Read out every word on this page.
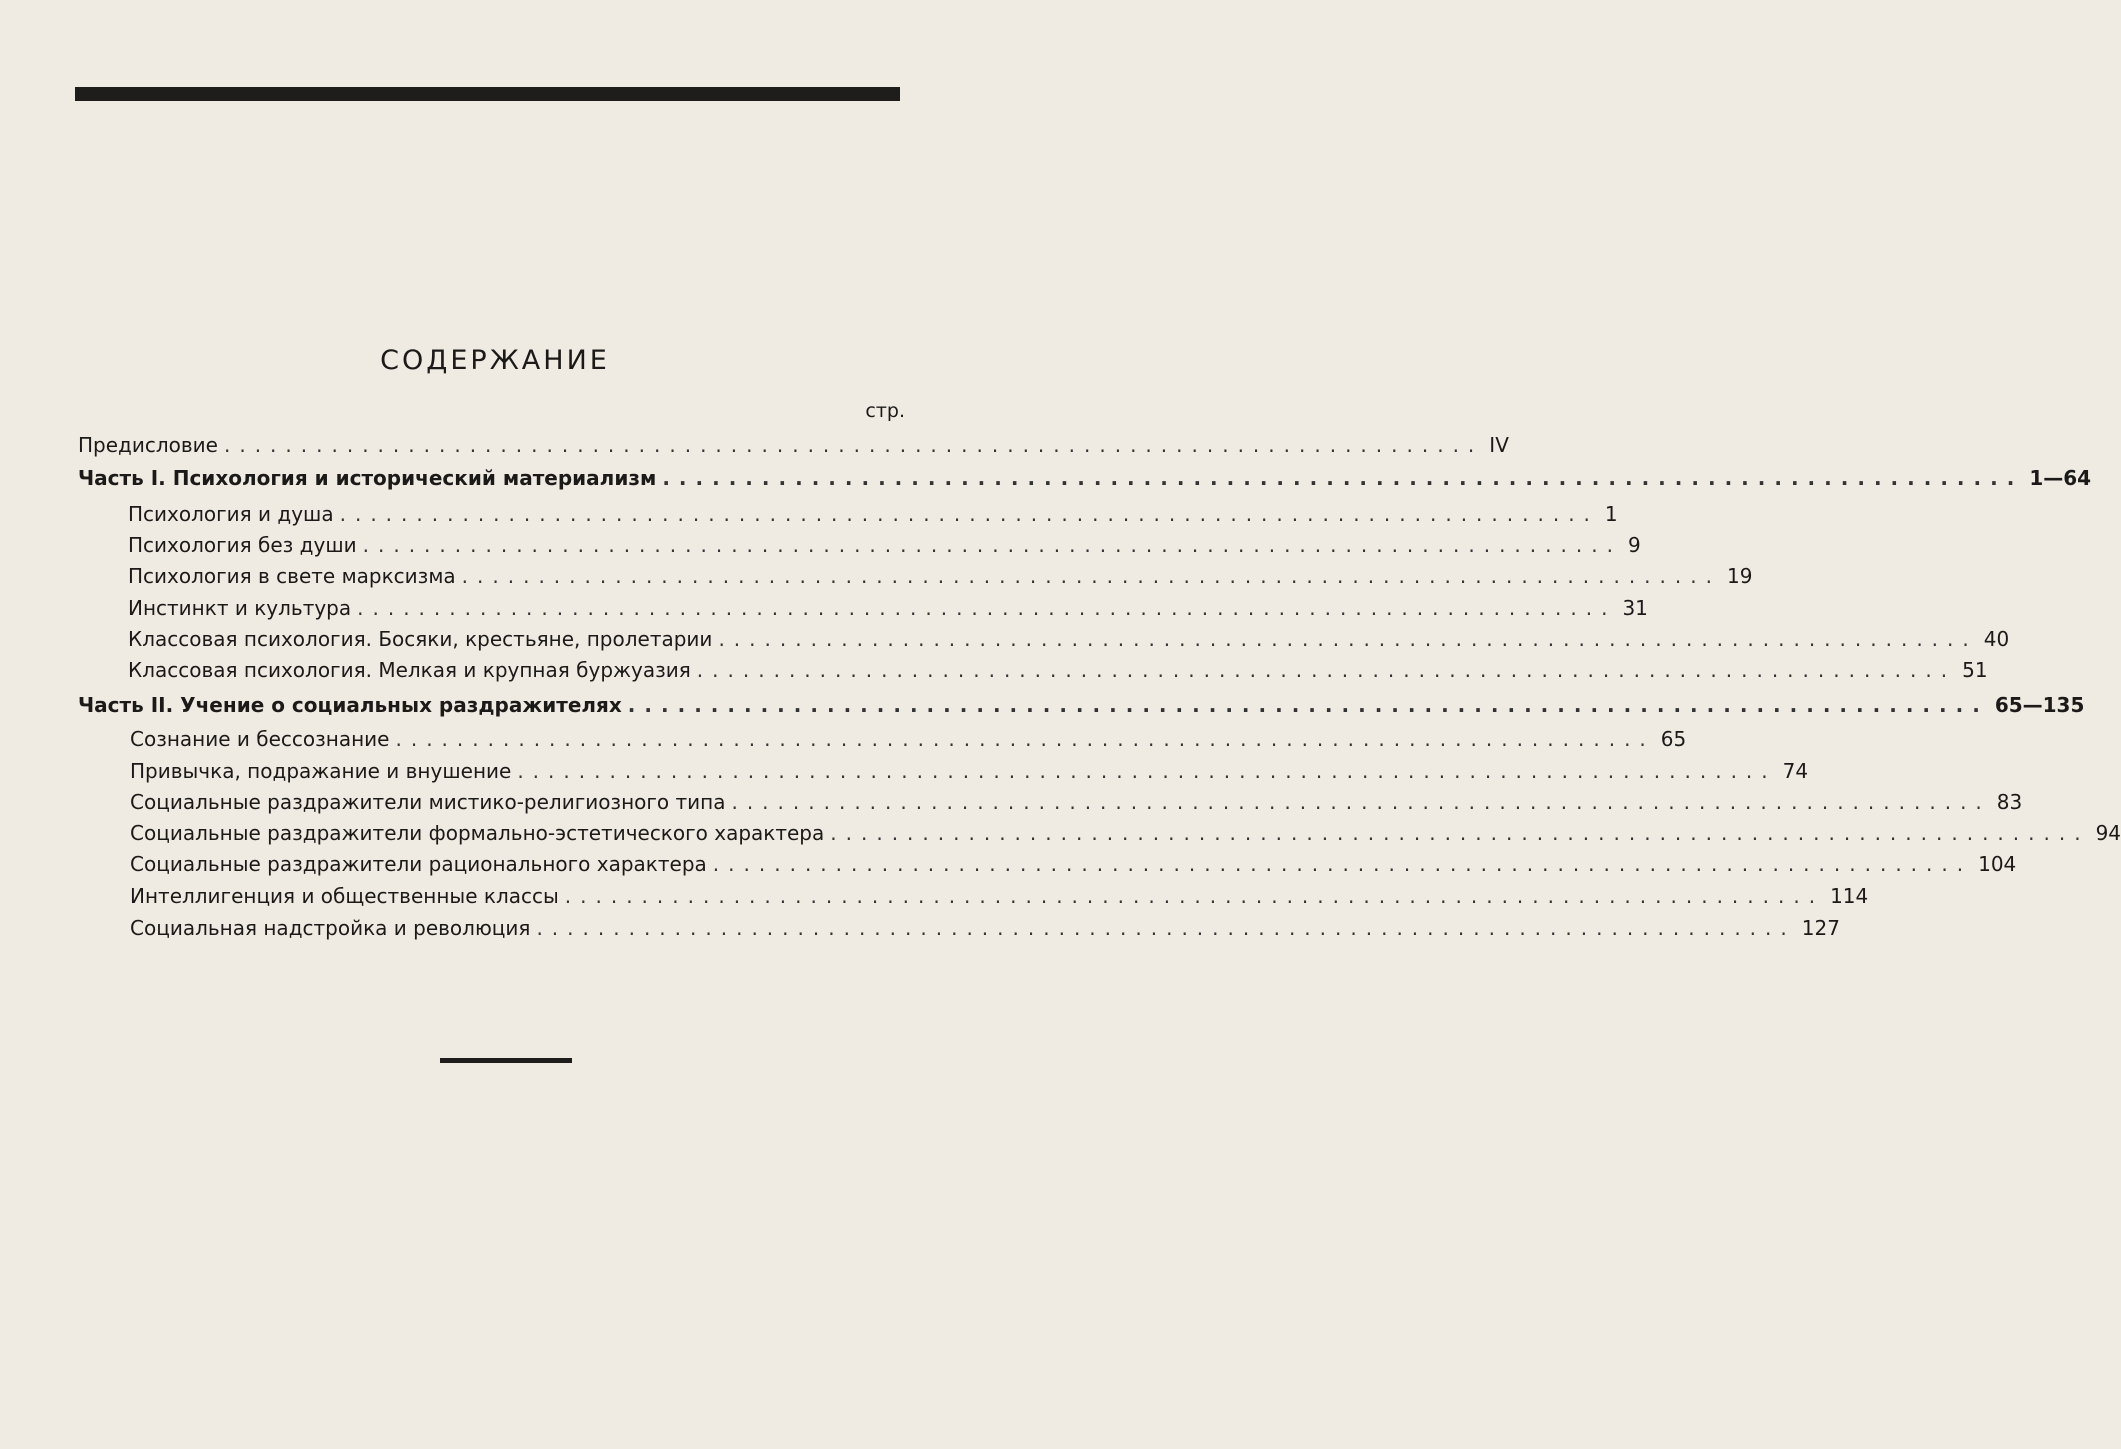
СОДЕРЖАНИЕ
стр.
Предисловие .................................................................................. IV
Часть I. Психология и исторический материализм .................................................................................. 1—64
Психология и душа .................................................................................. 1
Психология без души .................................................................................. 9
Психология в свете марксизма .................................................................................. 19
Инстинкт и культура .................................................................................. 31
Классовая психология. Босяки, крестьяне, пролетарии .................................................................................. 40
Классовая психология. Мелкая и крупная буржуазия .................................................................................. 51
Часть II. Учение о социальных раздражителях .................................................................................. 65—135
Сознание и бессознание .................................................................................. 65
Привычка, подражание и внушение .................................................................................. 74
Социальные раздражители мистико-религиозного типа .................................................................................. 83
Социальные раздражители формально-эстетического характера .................................................................................. 94
Социальные раздражители рационального характера .................................................................................. 104
Интеллигенция и общественные классы .................................................................................. 114
Социальная надстройка и революция .................................................................................. 127
